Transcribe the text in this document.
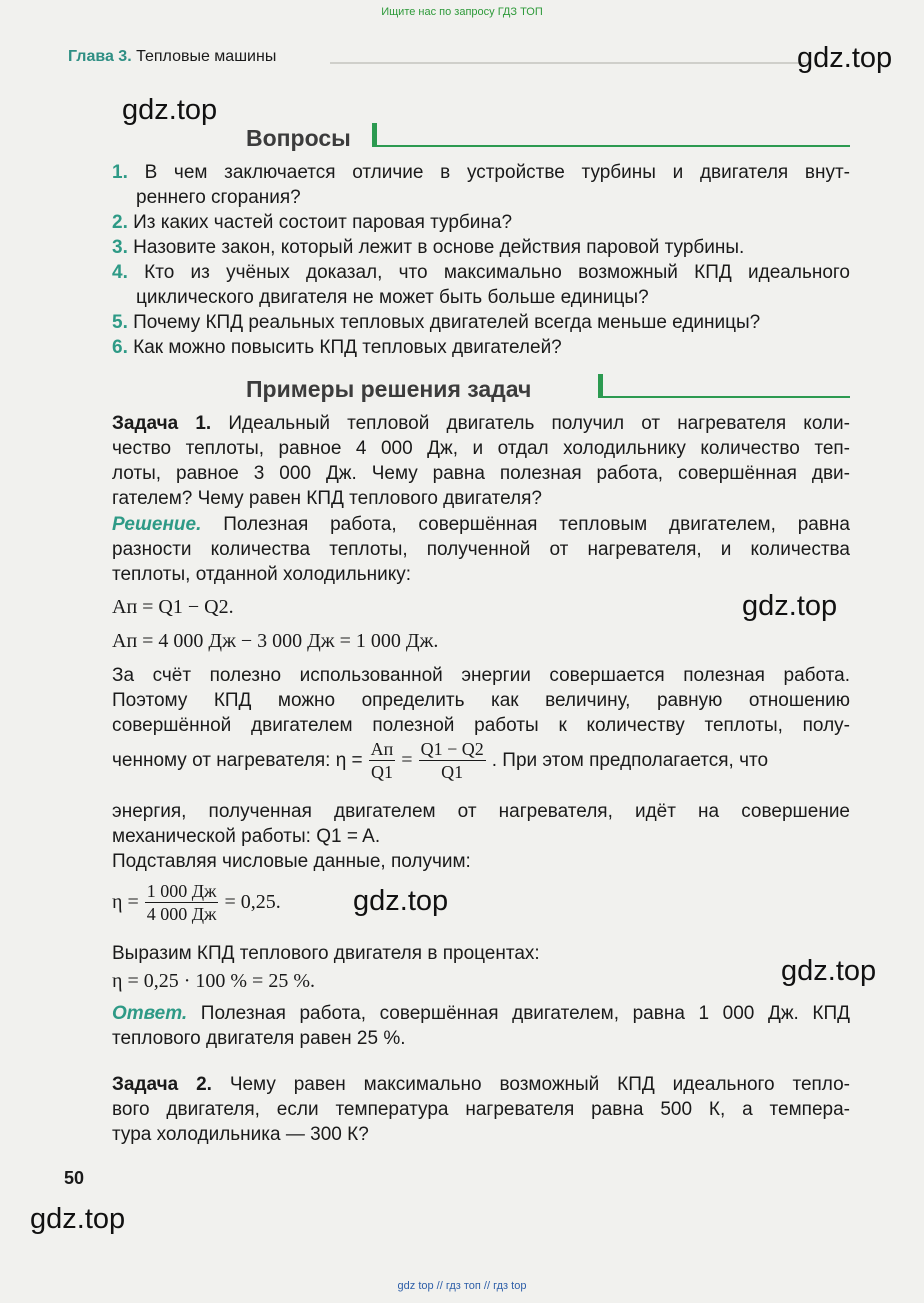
Ищите нас по запросу ГДЗ ТОП
Глава 3. Тепловые машины	gdz.top
gdz.top
gdz.top
gdz.top
gdz.top
gdz.top
Вопросы
1. В чем заключается отличие в устройстве турбины и двигателя внут-
реннего сгорания?
2. Из каких частей состоит паровая турбина?
3. Назовите закон, который лежит в основе действия паровой турбины.
4. Кто из учёных доказал, что максимально возможный КПД идеального
циклического двигателя не может быть больше единицы?
5. Почему КПД реальных тепловых двигателей всегда меньше единицы?
6. Как можно повысить КПД тепловых двигателей?
Примеры решения задач
Задача 1. Идеальный тепловой двигатель получил от нагревателя коли-
чество теплоты, равное 4 000 Дж, и отдал холодильнику количество теп-
лоты, равное 3 000 Дж. Чему равна полезная работа, совершённая дви-
гателем? Чему равен КПД теплового двигателя?
Решение. Полезная работа, совершённая тепловым двигателем, равна
разности количества теплоты, полученной от нагревателя, и количества
теплоты, отданной холодильнику:
Aп = Q1 − Q2.
Aп = 4 000 Дж − 3 000 Дж = 1 000 Дж.
За счёт полезно использованной энергии совершается полезная работа.
Поэтому КПД можно определить как величину, равную отношению
совершённой двигателем полезной работы к количеству теплоты, полу-
ченному от нагревателя: $\eta = \frac{Aп}{Q1} = \frac{Q1 - Q2}{Q1}$ . При этом предполагается, что
энергия, полученная двигателем от нагревателя, идёт на совершение
механической работы: Q1 = A.
Подставляя числовые данные, получим:
$\eta = \frac{1 000 Дж}{4 000 Дж} = 0,25$.
Выразим КПД теплового двигателя в процентах:
η = 0,25 · 100 % = 25 %.
Ответ. Полезная работа, совершённая двигателем, равна 1 000 Дж. КПД
теплового двигателя равен 25 %.
Задача 2. Чему равен максимально возможный КПД идеального тепло-
вого двигателя, если температура нагревателя равна 500 К, а темпера-
тура холодильника — 300 К?
50
gdz top // гдз топ // гдз top
